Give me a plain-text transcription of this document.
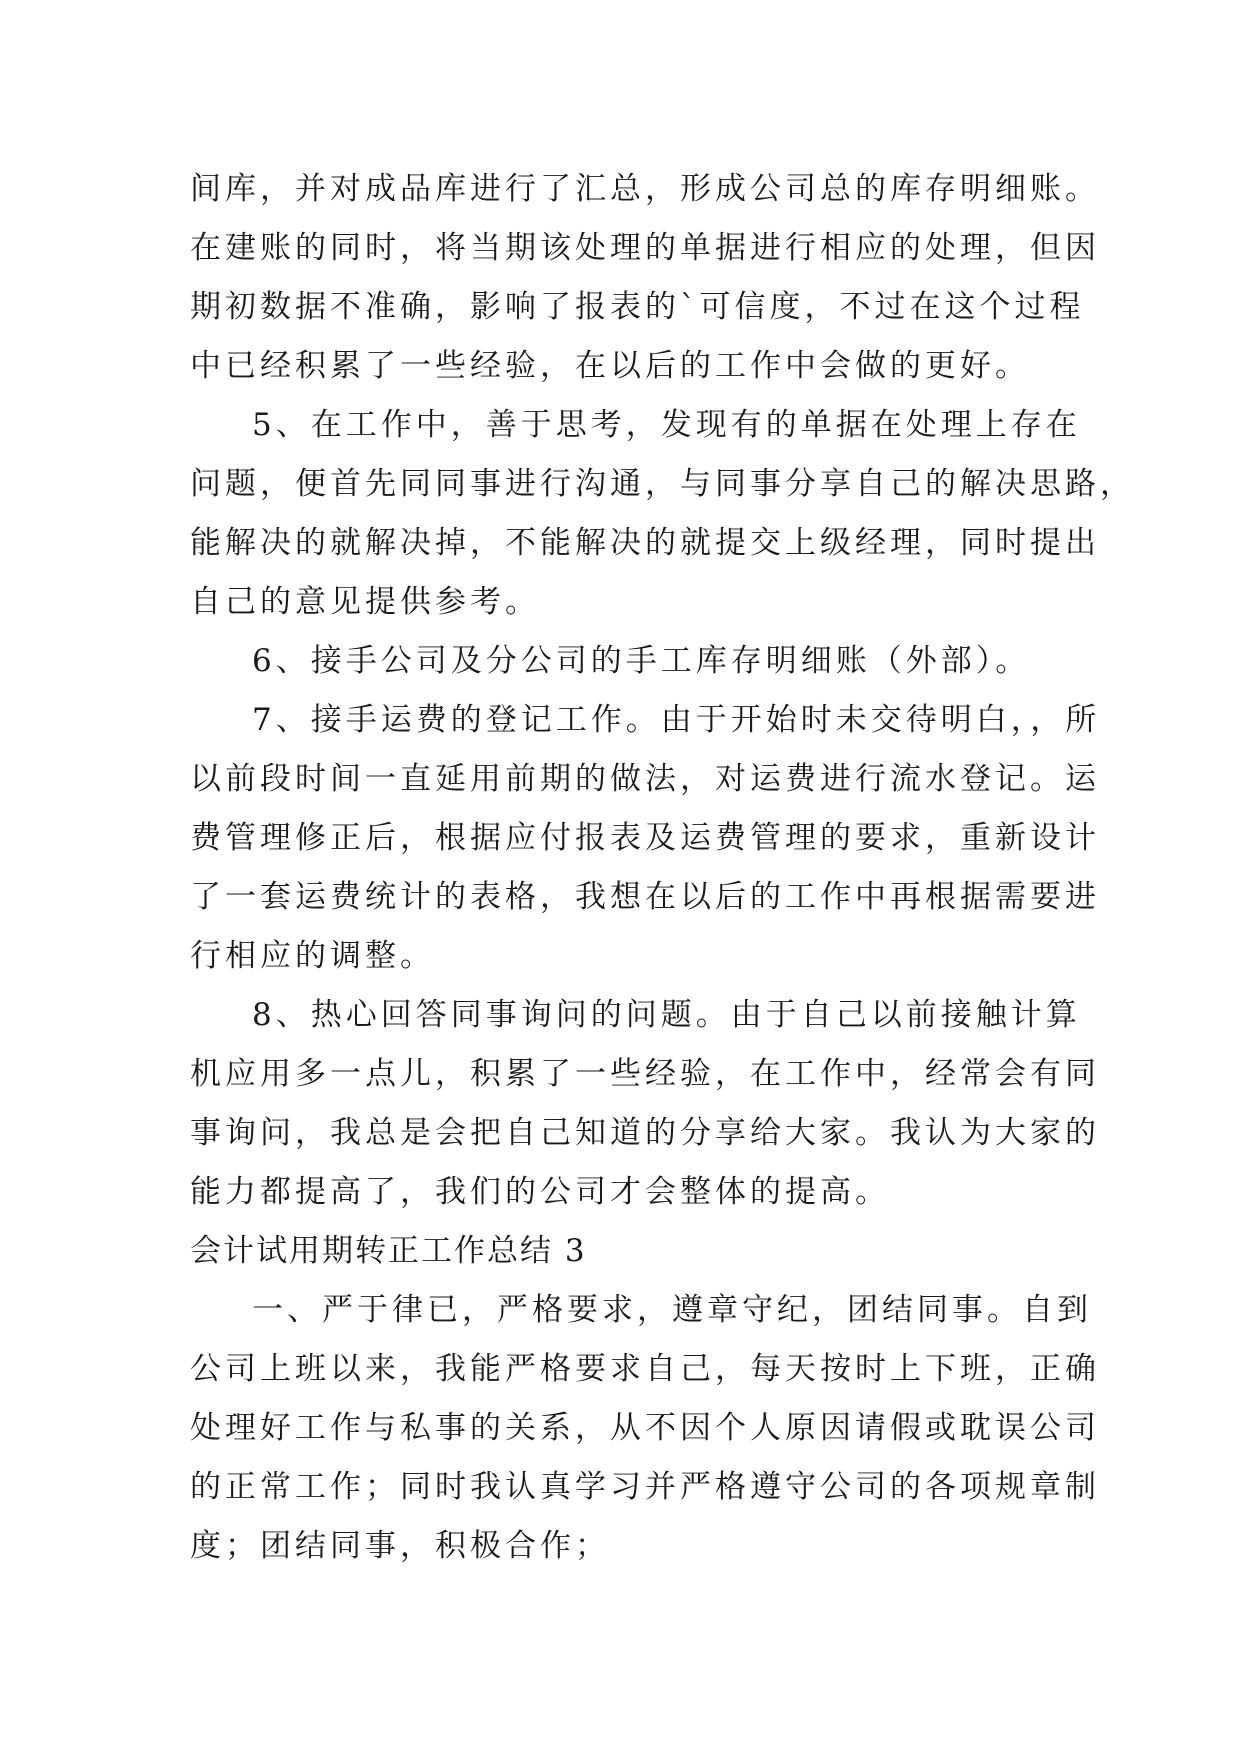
间库，并对成品库进行了汇总，形成公司总的库存明细账。
在建账的同时，将当期该处理的单据进行相应的处理，但因
期初数据不准确，影响了报表的`可信度，不过在这个过程
中已经积累了一些经验，在以后的工作中会做的更好。
5、在工作中，善于思考，发现有的单据在处理上存在
问题，便首先同同事进行沟通，与同事分享自己的解决思路，
能解决的就解决掉，不能解决的就提交上级经理，同时提出
自己的意见提供参考。
6、接手公司及分公司的手工库存明细账（外部）。
7、接手运费的登记工作。由于开始时未交待明白，，所
以前段时间一直延用前期的做法，对运费进行流水登记。运
费管理修正后，根据应付报表及运费管理的要求，重新设计
了一套运费统计的表格，我想在以后的工作中再根据需要进
行相应的调整。
8、热心回答同事询问的问题。由于自己以前接触计算
机应用多一点儿，积累了一些经验，在工作中，经常会有同
事询问，我总是会把自己知道的分享给大家。我认为大家的
能力都提高了，我们的公司才会整体的提高。
会计试用期转正工作总结 3
一、严于律已，严格要求，遵章守纪，团结同事。自到
公司上班以来，我能严格要求自己，每天按时上下班，正确
处理好工作与私事的关系，从不因个人原因请假或耽误公司
的正常工作；同时我认真学习并严格遵守公司的各项规章制
度；团结同事，积极合作；
